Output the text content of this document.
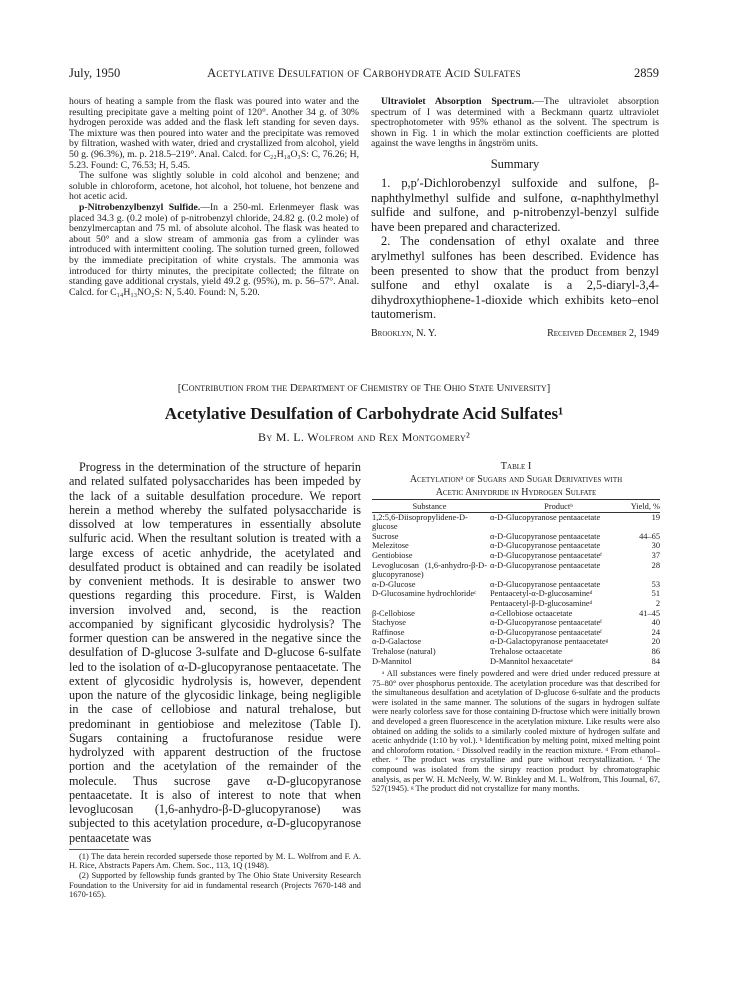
July, 1950	Acetylative Desulfation of Carbohydrate Acid Sulfates	2859

hours of heating a sample from the flask was poured into water and the resulting precipitate gave a melting point of 120°. Another 34 g. of 30% hydrogen peroxide was added and the flask left standing for seven days. The mixture was then poured into water and the precipitate was removed by filtration, washed with water, dried and crystallized from alcohol, yield 50 g. (96.3%), m. p. 218.5–219°. Anal. Calcd. for C₂₂H₁₈O₃S: C, 76.26; H, 5.23. Found: C, 76.53; H, 5.45.

The sulfone was slightly soluble in cold alcohol and benzene; and soluble in chloroform, acetone, hot alcohol, hot toluene, hot benzene and hot acetic acid.

p-Nitrobenzylbenzyl Sulfide.—In a 250-ml. Erlenmeyer flask was placed 34.3 g. (0.2 mole) of p-nitrobenzyl chloride, 24.82 g. (0.2 mole) of benzylmercaptan and 75 ml. of absolute alcohol. The flask was heated to about 50° and a slow stream of ammonia gas from a cylinder was introduced with intermittent cooling. The solution turned green, followed by the immediate precipitation of white crystals. The ammonia was introduced for thirty minutes, the precipitate collected; the filtrate on standing gave additional crystals, yield 49.2 g. (95%), m. p. 56–57°. Anal. Calcd. for C₁₄H₁₃NO₂S: N, 5.40. Found: N, 5.20.

Ultraviolet Absorption Spectrum.—The ultraviolet absorption spectrum of I was determined with a Beckmann quartz ultraviolet spectrophotometer with 95% ethanol as the solvent. The spectrum is shown in Fig. 1 in which the molar extinction coefficients are plotted against the wave lengths in ångström units.

Summary

1. p,p′-Dichlorobenzyl sulfoxide and sulfone, β-naphthylmethyl sulfide and sulfone, α-naphthylmethyl sulfide and sulfone, and p-nitrobenzyl-benzyl sulfide have been prepared and characterized.

2. The condensation of ethyl oxalate and three arylmethyl sulfones has been described. Evidence has been presented to show that the product from benzyl sulfone and ethyl oxalate is a 2,5-diaryl-3,4-dihydroxythiophene-1-dioxide which exhibits keto–enol tautomerism.

Brooklyn, N. Y.	Received December 2, 1949
[Contribution from the Department of Chemistry of The Ohio State University]
Acetylative Desulfation of Carbohydrate Acid Sulfates¹
By M. L. Wolfrom and Rex Montgomery²

Progress in the determination of the structure of heparin and related sulfated polysaccharides has been impeded by the lack of a suitable desulfation procedure. We report herein a method whereby the sulfated polysaccharide is dissolved at low temperatures in essentially absolute sulfuric acid. When the resultant solution is treated with a large excess of acetic anhydride, the acetylated and desulfated product is obtained and can readily be isolated by convenient methods. It is desirable to answer two questions regarding this procedure. First, is Walden inversion involved and, second, is the reaction accompanied by significant glycosidic hydrolysis? The former question can be answered in the negative since the desulfation of D-glucose 3-sulfate and D-glucose 6-sulfate led to the isolation of α-D-glucopyranose pentaacetate. The extent of glycosidic hydrolysis is, however, dependent upon the nature of the glycosidic linkage, being negligible in the case of cellobiose and natural trehalose, but predominant in gentiobiose and melezitose (Table I). Sugars containing a fructofuranose residue were hydrolyzed with apparent destruction of the fructose portion and the acetylation of the remainder of the molecule. Thus sucrose gave α-D-glucopyranose pentaacetate. It is also of interest to note that when levoglucosan (1,6-anhydro-β-D-glucopyranose) was subjected to this acetylation procedure, α-D-glucopyranose pentaacetate was

(1) The data herein recorded supersede those reported by M. L. Wolfrom and F. A. H. Rice, Abstracts Papers Am. Chem. Soc., 113, 1Q (1948).

(2) Supported by fellowship funds granted by The Ohio State University Research Foundation to the University for aid in fundamental research (Projects 7670-148 and 1670-165).

Table I
Acetylationᵃ of Sugars and Sugar Derivatives with
Acetic Anhydride in Hydrogen Sulfate
Substance	Productᵇ	Yield, %
1,2:5,6-Diisopropylidene-D-glucose	α-D-Glucopyranose pentaacetate	19
Sucrose	α-D-Glucopyranose pentaacetate	44–65
Melezitose	α-D-Glucopyranose pentaacetate	30
Gentiobiose	α-D-Glucopyranose pentaacetateᶠ	37
Levoglucosan (1,6-anhydro-β-D-glucopyranose)	α-D-Glucopyranose pentaacetate	28
α-D-Glucose	α-D-Glucopyranose pentaacetate	53
D-Glucosamine hydrochlorideᶜ	Pentaacetyl-α-D-glucosamineᵈ	51
	Pentaacetyl-β-D-glucosamineᵈ	2
β-Cellobiose	α-Cellobiose octaacetate	41–45
Stachyose	α-D-Glucopyranose pentaacetateᶠ	40
Raffinose	α-D-Glucopyranose pentaacetateᶠ	24
α-D-Galactose	α-D-Galactopyranose pentaacetateᵍ	20
Trehalose (natural)	Trehalose octaacetate	86
D-Mannitol	D-Mannitol hexaacetateᵉ	84

ᵃ All substances were finely powdered and were dried under reduced pressure at 75–80° over phosphorus pentoxide. The acetylation procedure was that described for the simultaneous desulfation and acetylation of D-glucose 6-sulfate and the products were isolated in the same manner. The solutions of the sugars in hydrogen sulfate were nearly colorless save for those containing D-fructose which were initially brown and developed a green fluorescence in the acetylation mixture. Like results were also obtained on adding the solids to a similarly cooled mixture of hydrogen sulfate and acetic anhydride (1:10 by vol.). ᵇ Identification by melting point, mixed melting point and chloroform rotation. ᶜ Dissolved readily in the reaction mixture. ᵈ From ethanol–ether. ᵉ The product was crystalline and pure without recrystallization. ᶠ The compound was isolated from the sirupy reaction product by chromatographic analysis, as per W. H. McNeely, W. W. Binkley and M. L. Wolfrom, This Journal, 67, 527(1945). ᵍ The product did not crystallize for many months.
